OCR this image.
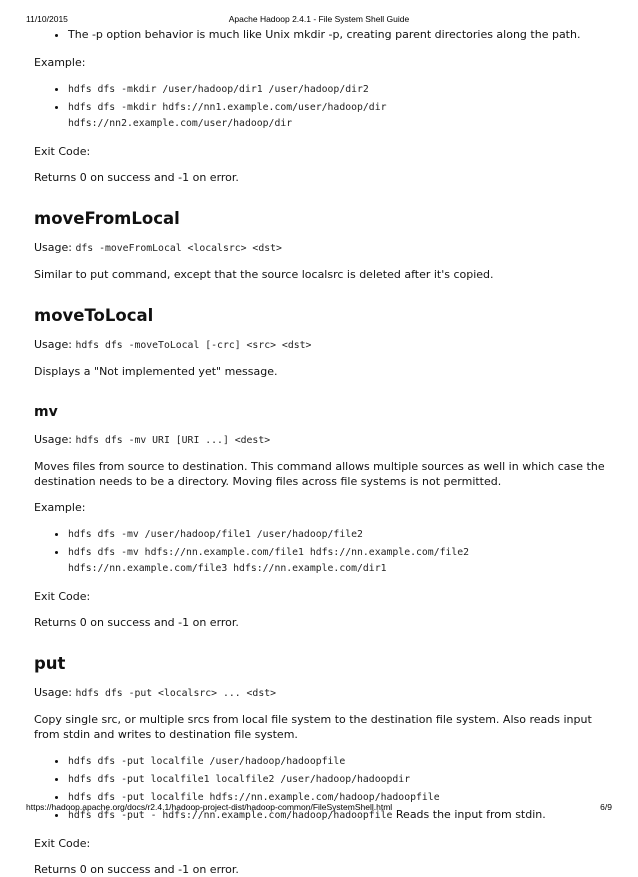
11/10/2015	Apache Hadoop 2.4.1 - File System Shell Guide
• The -p option behavior is much like Unix mkdir -p, creating parent directories along the path.

Example:

• hdfs dfs -mkdir /user/hadoop/dir1 /user/hadoop/dir2
• hdfs dfs -mkdir hdfs://nn1.example.com/user/hadoop/dir hdfs://nn2.example.com/user/hadoop/dir

Exit Code:

Returns 0 on success and -1 on error.

moveFromLocal

Usage: dfs -moveFromLocal <localsrc> <dst>

Similar to put command, except that the source localsrc is deleted after it's copied.

moveToLocal

Usage: hdfs dfs -moveToLocal [-crc] <src> <dst>

Displays a "Not implemented yet" message.

mv

Usage: hdfs dfs -mv URI [URI ...] <dest>

Moves files from source to destination. This command allows multiple sources as well in which case the destination needs to be a directory. Moving files across file systems is not permitted.

Example:

• hdfs dfs -mv /user/hadoop/file1 /user/hadoop/file2
• hdfs dfs -mv hdfs://nn.example.com/file1 hdfs://nn.example.com/file2 hdfs://nn.example.com/file3 hdfs://nn.example.com/dir1

Exit Code:

Returns 0 on success and -1 on error.

put

Usage: hdfs dfs -put <localsrc> ... <dst>

Copy single src, or multiple srcs from local file system to the destination file system. Also reads input from stdin and writes to destination file system.

• hdfs dfs -put localfile /user/hadoop/hadoopfile
• hdfs dfs -put localfile1 localfile2 /user/hadoop/hadoopdir
• hdfs dfs -put localfile hdfs://nn.example.com/hadoop/hadoopfile
• hdfs dfs -put - hdfs://nn.example.com/hadoop/hadoopfile Reads the input from stdin.

Exit Code:

Returns 0 on success and -1 on error.

https://hadoop.apache.org/docs/r2.4.1/hadoop-project-dist/hadoop-common/FileSystemShell.html	6/9
